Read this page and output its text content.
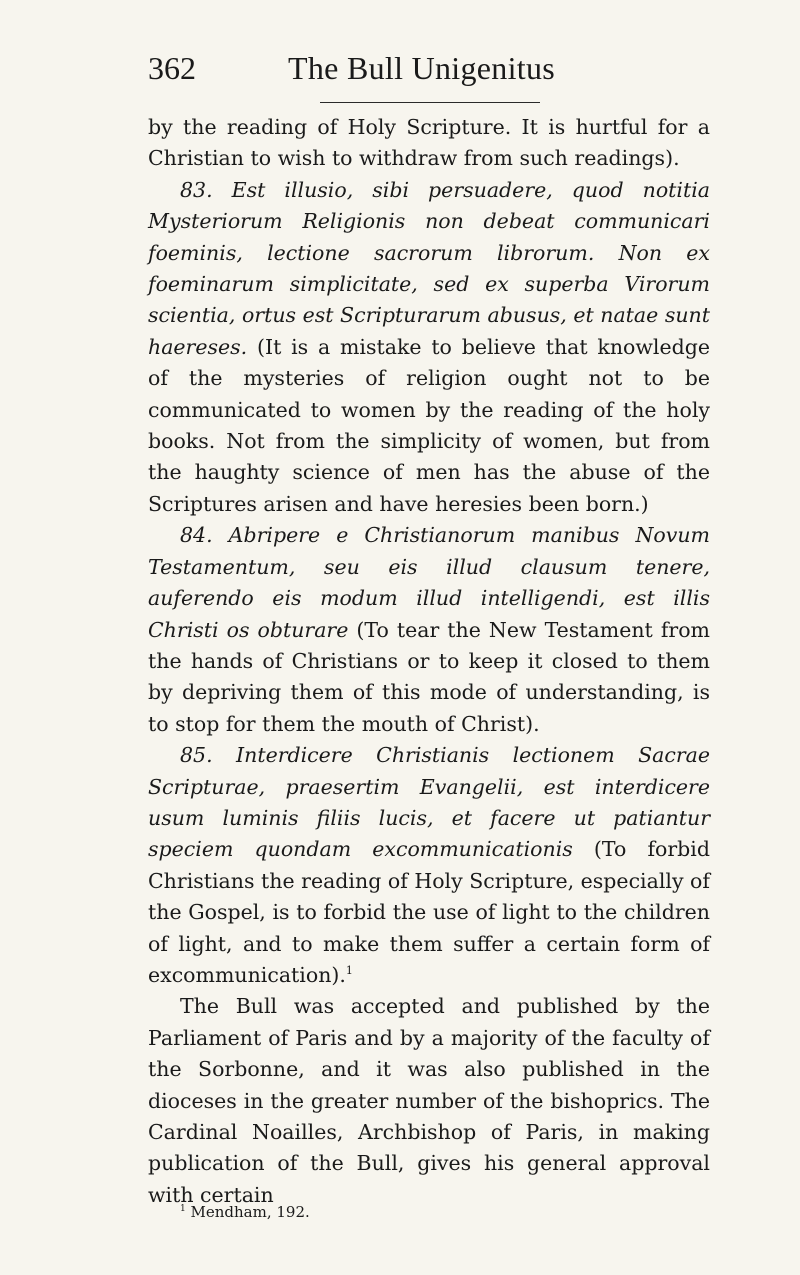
362	The Bull Unigenitus

by the reading of Holy Scripture. It is hurtful for a Christian to wish to withdraw from such readings).

83. Est illusio, sibi persuadere, quod notitia Mysteriorum Religionis non debeat communicari foeminis, lectione sacrorum librorum. Non ex foeminarum simplicitate, sed ex superba Virorum scientia, ortus est Scripturarum abusus, et natae sunt haereses. (It is a mistake to believe that knowledge of the mysteries of religion ought not to be communicated to women by the reading of the holy books. Not from the simplicity of women, but from the haughty science of men has the abuse of the Scriptures arisen and have heresies been born.)

84. Abripere e Christianorum manibus Novum Testamentum, seu eis illud clausum tenere, auferendo eis modum illud intelligendi, est illis Christi os obturare (To tear the New Testament from the hands of Christians or to keep it closed to them by depriving them of this mode of understanding, is to stop for them the mouth of Christ).

85. Interdicere Christianis lectionem Sacrae Scripturae, praesertim Evangelii, est interdicere usum luminis filiis lucis, et facere ut patiantur speciem quondam excommunicationis (To forbid Christians the reading of Holy Scripture, especially of the Gospel, is to forbid the use of light to the children of light, and to make them suffer a certain form of excommunication).$^1$

The Bull was accepted and published by the Parliament of Paris and by a majority of the faculty of the Sorbonne, and it was also published in the dioceses in the greater number of the bishoprics. The Cardinal Noailles, Archbishop of Paris, in making publication of the Bull, gives his general approval with certain

$^1$ Mendham, 192.
